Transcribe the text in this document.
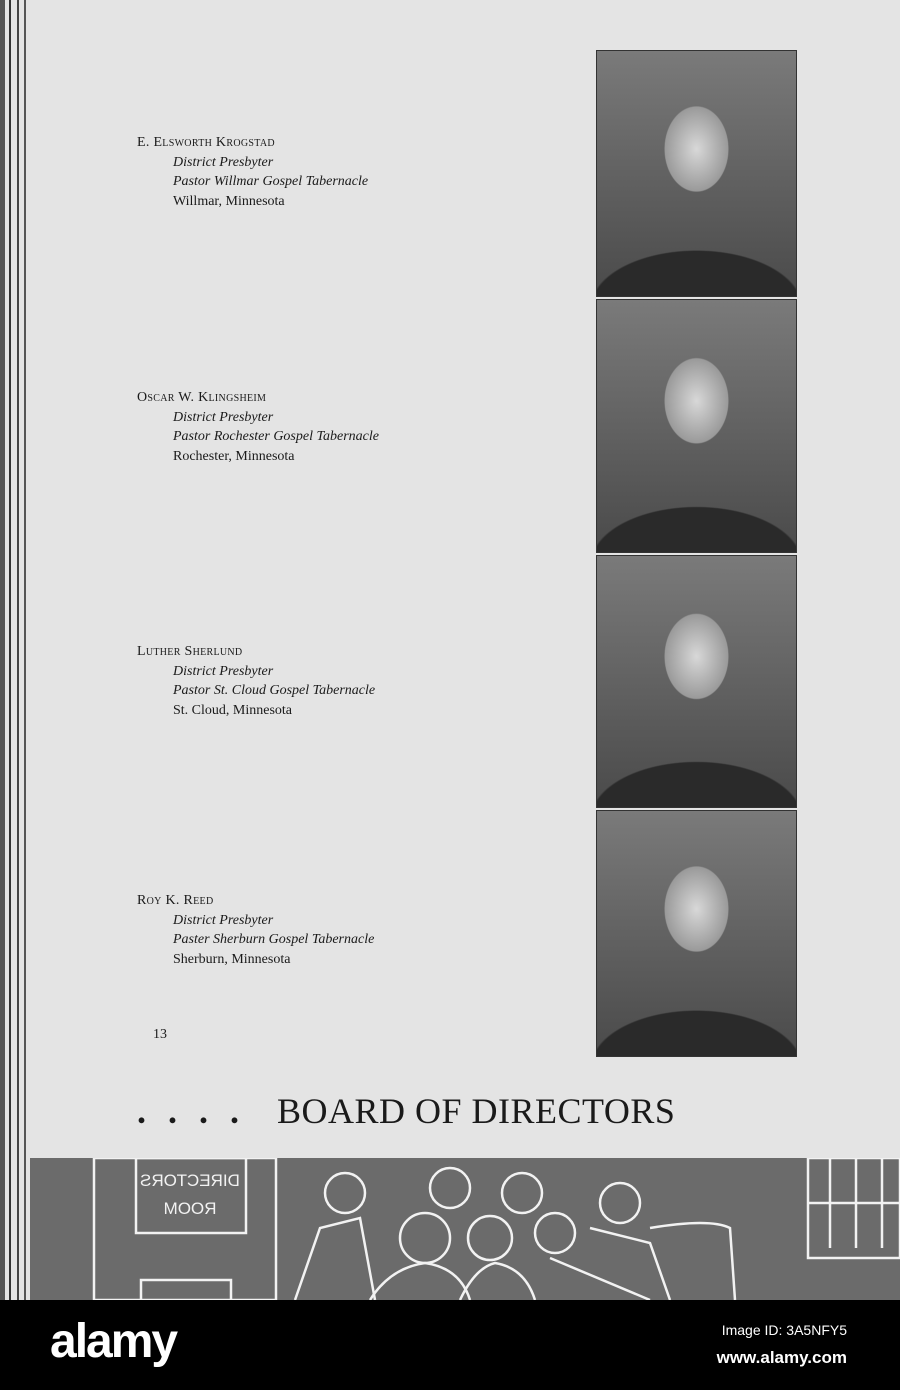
E. Elsworth Krogstad
District Presbyter
Pastor Willmar Gospel Tabernacle
Willmar, Minnesota
Oscar W. Klingsheim
District Presbyter
Pastor Rochester Gospel Tabernacle
Rochester, Minnesota
Luther Sherlund
District Presbyter
Pastor St. Cloud Gospel Tabernacle
St. Cloud, Minnesota
Roy K. Reed
District Presbyter
Paster Sherburn Gospel Tabernacle
Sherburn, Minnesota
13
.... BOARD OF DIRECTORS
DIRECTORS
ROOM
alamy	Image ID: 3A5NFY5
www.alamy.com
